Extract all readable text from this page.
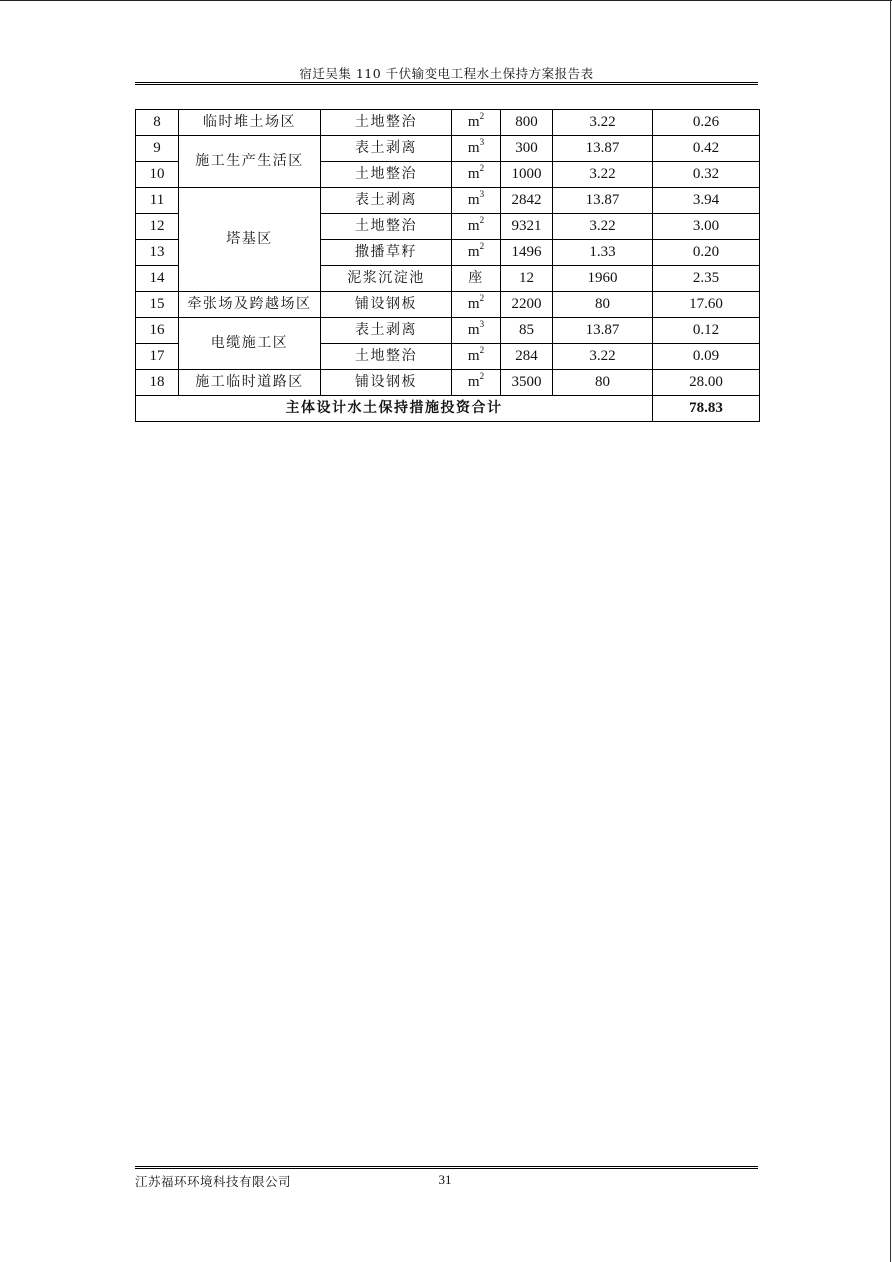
宿迁吴集 110 千伏输变电工程水土保持方案报告表
8	临时堆土场区	土地整治	$m^2$	800	3.22	0.26
9	施工生产生活区	表土剥离	$m^3$	300	13.87	0.42
10		土地整治	$m^2$	1000	3.22	0.32
11	塔基区	表土剥离	$m^3$	2842	13.87	3.94
12		土地整治	$m^2$	9321	3.22	3.00
13		撒播草籽	$m^2$	1496	1.33	0.20
14		泥浆沉淀池	座	12	1960	2.35
15	牵张场及跨越场区	铺设钢板	$m^2$	2200	80	17.60
16	电缆施工区	表土剥离	$m^3$	85	13.87	0.12
17		土地整治	$m^2$	284	3.22	0.09
18	施工临时道路区	铺设钢板	$m^2$	3500	80	28.00
主体设计水土保持措施投资合计						78.83
江苏福环环境科技有限公司	31
